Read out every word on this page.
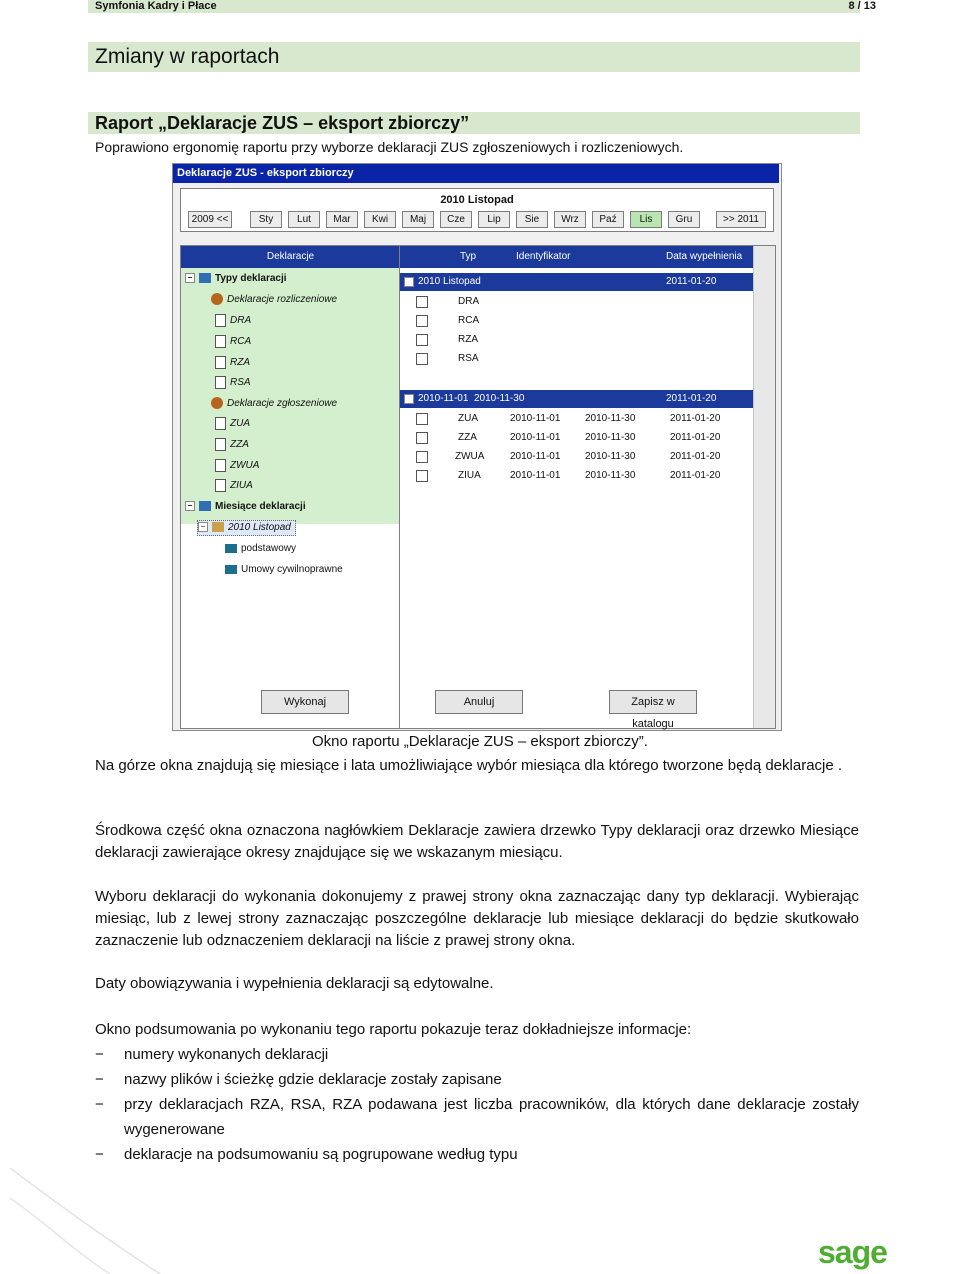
Symfonia Kadry i Płace	8 / 13
Zmiany w raportach
Raport „Deklaracje ZUS – eksport zbiorczy”
Poprawiono ergonomię raportu przy wyborze deklaracji ZUS zgłoszeniowych i rozliczeniowych.
Deklaracje ZUS - eksport zbiorczy
2010 Listopad
2009 <<	Sty	Lut	Mar	Kwi	Maj	Cze	Lip	Sie	Wrz	Paź	Lis	Gru	>> 2011
Deklaracje
− Typy deklaracji
Deklaracje rozliczeniowe
DRA
RCA
RZA
RSA
Deklaracje zgłoszeniowe
ZUA
ZZA
ZWUA
ZIUA
− Miesiące deklaracji
− 2010 Listopad
podstawowy
Umowy cywilnoprawne
Typ	Identyfikator	Data wypełnienia
− 2010 Listopad	2011-01-20
DRA
RCA
RZA
RSA
− 2010-11-01  2010-11-30	2011-01-20
ZUA	2010-11-01 2010-11-30	2011-01-20
ZZA	2010-11-01 2010-11-30	2011-01-20
ZWUA	2010-11-01 2010-11-30	2011-01-20
ZIUA	2010-11-01 2010-11-30	2011-01-20
Wykonaj	Anuluj	Zapisz w katalogu
Okno raportu „Deklaracje ZUS – eksport zbiorczy”.

Na górze okna znajdują się miesiące i lata umożliwiające wybór miesiąca dla którego tworzone będą deklaracje .

Środkowa część okna oznaczona nagłówkiem Deklaracje zawiera drzewko Typy deklaracji oraz drzewko Miesiące deklaracji zawierające okresy znajdujące się we wskazanym miesiącu.

Wyboru deklaracji do wykonania dokonujemy z prawej strony okna zaznaczając dany typ deklaracji. Wybierając miesiąc, lub z lewej strony zaznaczając poszczególne deklaracje lub miesiące deklaracji do będzie skutkowało zaznaczenie lub odznaczeniem deklaracji na liście z prawej strony okna.

Daty obowiązywania i wypełnienia deklaracji są edytowalne.

Okno podsumowania po wykonaniu tego raportu pokazuje teraz dokładniejsze informacje:

− numery wykonanych deklaracji
− nazwy plików i ścieżkę gdzie deklaracje zostały zapisane
− przy deklaracjach RZA, RSA, RZA podawana jest liczba pracowników, dla których dane deklaracje zostały wygenerowane
− deklaracje na podsumowaniu są pogrupowane według typu
sage
